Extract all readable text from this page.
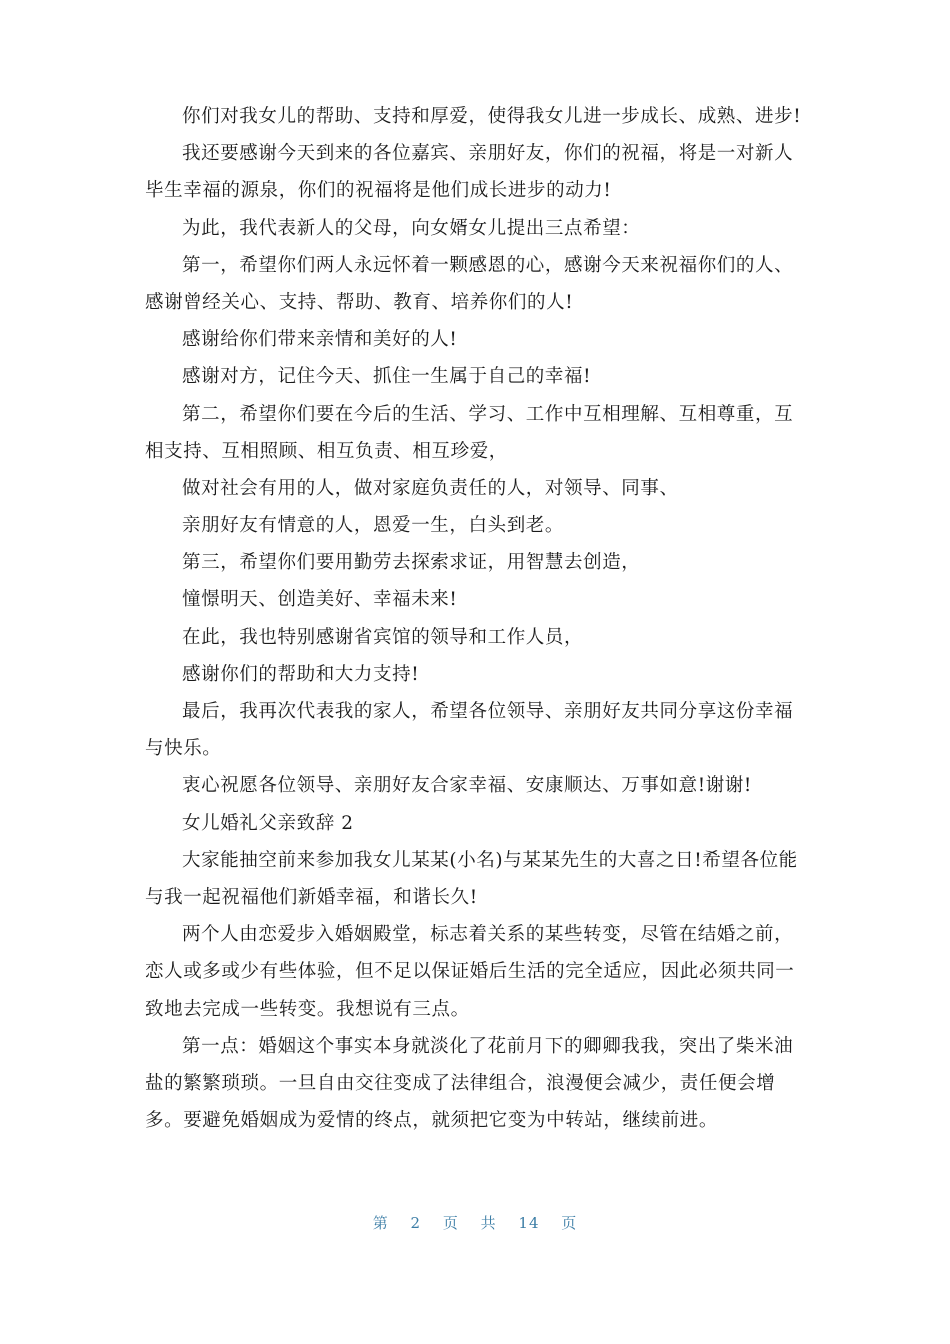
你们对我女儿的帮助、支持和厚爱，使得我女儿进一步成长、成熟、进步!
我还要感谢今天到来的各位嘉宾、亲朋好友，你们的祝福，将是一对新人
毕生幸福的源泉，你们的祝福将是他们成长进步的动力!
为此，我代表新人的父母，向女婿女儿提出三点希望：
第一，希望你们两人永远怀着一颗感恩的心，感谢今天来祝福你们的人、
感谢曾经关心、支持、帮助、教育、培养你们的人!
感谢给你们带来亲情和美好的人!
感谢对方，记住今天、抓住一生属于自己的幸福!
第二，希望你们要在今后的生活、学习、工作中互相理解、互相尊重，互
相支持、互相照顾、相互负责、相互珍爱，
做对社会有用的人，做对家庭负责任的人，对领导、同事、
亲朋好友有情意的人，恩爱一生，白头到老。
第三，希望你们要用勤劳去探索求证，用智慧去创造，
憧憬明天、创造美好、幸福未来!
在此，我也特别感谢省宾馆的领导和工作人员，
感谢你们的帮助和大力支持!
最后，我再次代表我的家人，希望各位领导、亲朋好友共同分享这份幸福
与快乐。
衷心祝愿各位领导、亲朋好友合家幸福、安康顺达、万事如意!谢谢!
女儿婚礼父亲致辞 2
大家能抽空前来参加我女儿某某(小名)与某某先生的大喜之日!希望各位能
与我一起祝福他们新婚幸福，和谐长久!
两个人由恋爱步入婚姻殿堂，标志着关系的某些转变，尽管在结婚之前，
恋人或多或少有些体验，但不足以保证婚后生活的完全适应，因此必须共同一
致地去完成一些转变。我想说有三点。
第一点：婚姻这个事实本身就淡化了花前月下的卿卿我我，突出了柴米油
盐的繁繁琐琐。一旦自由交往变成了法律组合，浪漫便会减少，责任便会增
多。要避免婚姻成为爱情的终点，就须把它变为中转站，继续前进。
第 2 页 共 14 页
